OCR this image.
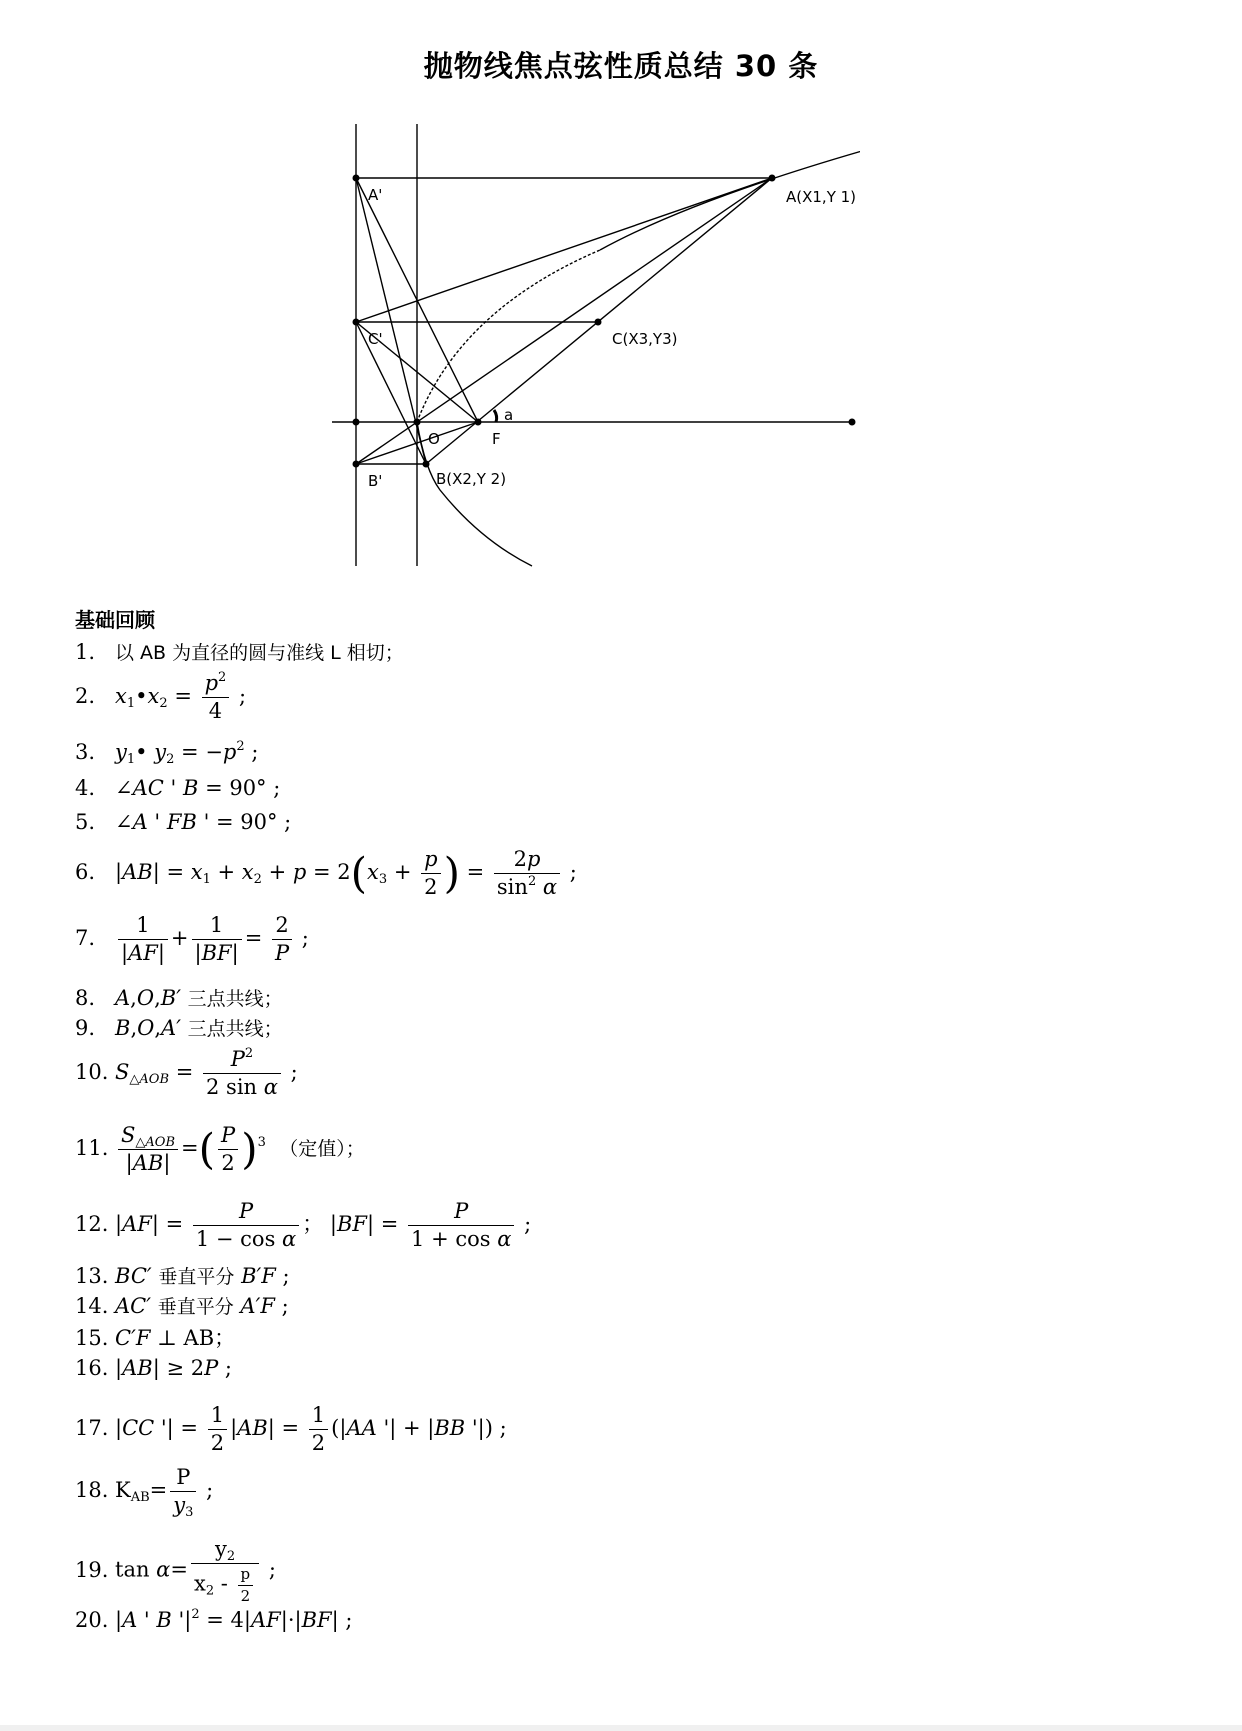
抛物线焦点弦性质总结 30 条
A'	A(X1,Y 1)
C'	C(X3,Y3)
a
O	F
B'	B(X2,Y 2)
基础回顾
1. 以 AB 为直径的圆与准线 L 相切；
2. $x_1•x_2 = \frac{p^2}{4}$ ;
3. $y_1•$ $y_2 = -p^2$ ;
4. ∠AC ' B = 90° ;
5. ∠A ' FB ' = 90° ;
6. $|AB| = x_1 + x_2 + p = 2(x_3 + \frac{p}{2}$ ) = $\frac{2p}{\sin^2 \alpha}$ ;
7. $\frac{1}{|AF|} + \frac{1}{|BF|} = \frac{2}{P}$ ;
8. A,O,B′ 三点共线；
9. B,O,A′ 三点共线；
10. $S_{\triangle AOB} = \frac{P^2}{\text{2 sin α}}$ ;
11. $\frac{S_{\triangle AOB}}{|AB|}$ =( $\frac{P}{2} )^3$ （定值）；
12. $|AF| = \frac{P}{\text{1 − cos α}}$ ； $|BF| = \frac{P}{\text{1 + cos α}}$ ;
13. BC′ 垂直平分 B′F ;
14. AC′ 垂直平分 A′F ;
15. C′F ⊥ AB；
16. |AB| ≥ 2P ;
17. |CC '| = $\frac{1}{2} |AB| = \frac{1}{2} (|AA$ '| + |BB '|) ;
18. $K_{AB}= \frac{P}{y_3}$ ;
19. $\tan \alpha= \frac{y_2}{x_2 - \frac{p}{2}}$ ;
20. |A ' B '$|^2 = 4|AF|\cdot|BF|$ ;
